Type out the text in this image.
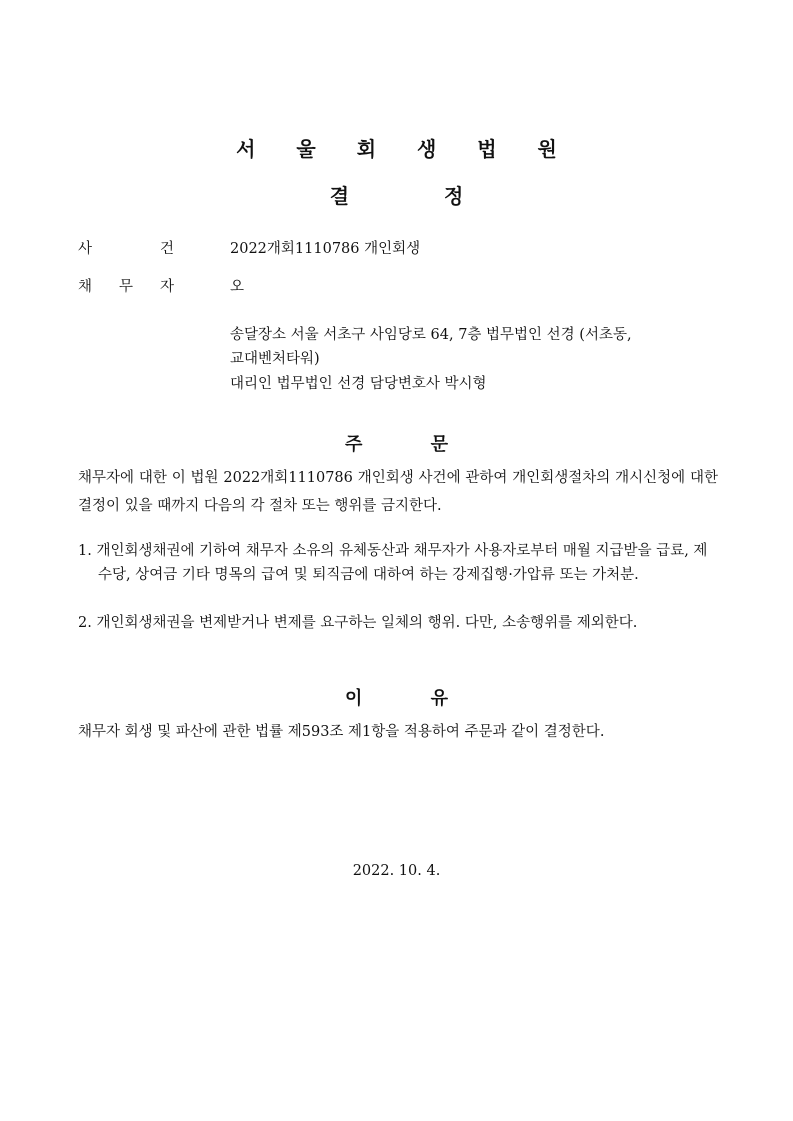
서 울 회 생 법 원
결 정
사 건	2022개회1110786 개인회생
채 무 자	오
송달장소 서울 서초구 사임당로 64, 7층 법무법인 선경 (서초동,
교대벤처타워)
대리인 법무법인 선경 담당변호사 박시형
주 문
채무자에 대한 이 법원 2022개회1110786 개인회생 사건에 관하여 개인회생절차의 개시신청에 대한 결정이 있을 때까지 다음의 각 절차 또는 행위를 금지한다.
1. 개인회생채권에 기하여 채무자 소유의 유체동산과 채무자가 사용자로부터 매월 지급받을 급료, 제수당, 상여금 기타 명목의 급여 및 퇴직금에 대하여 하는 강제집행·가압류 또는 가처분.
2. 개인회생채권을 변제받거나 변제를 요구하는 일체의 행위. 다만, 소송행위를 제외한다.
이 유
채무자 회생 및 파산에 관한 법률 제593조 제1항을 적용하여 주문과 같이 결정한다.
2022. 10. 4.
